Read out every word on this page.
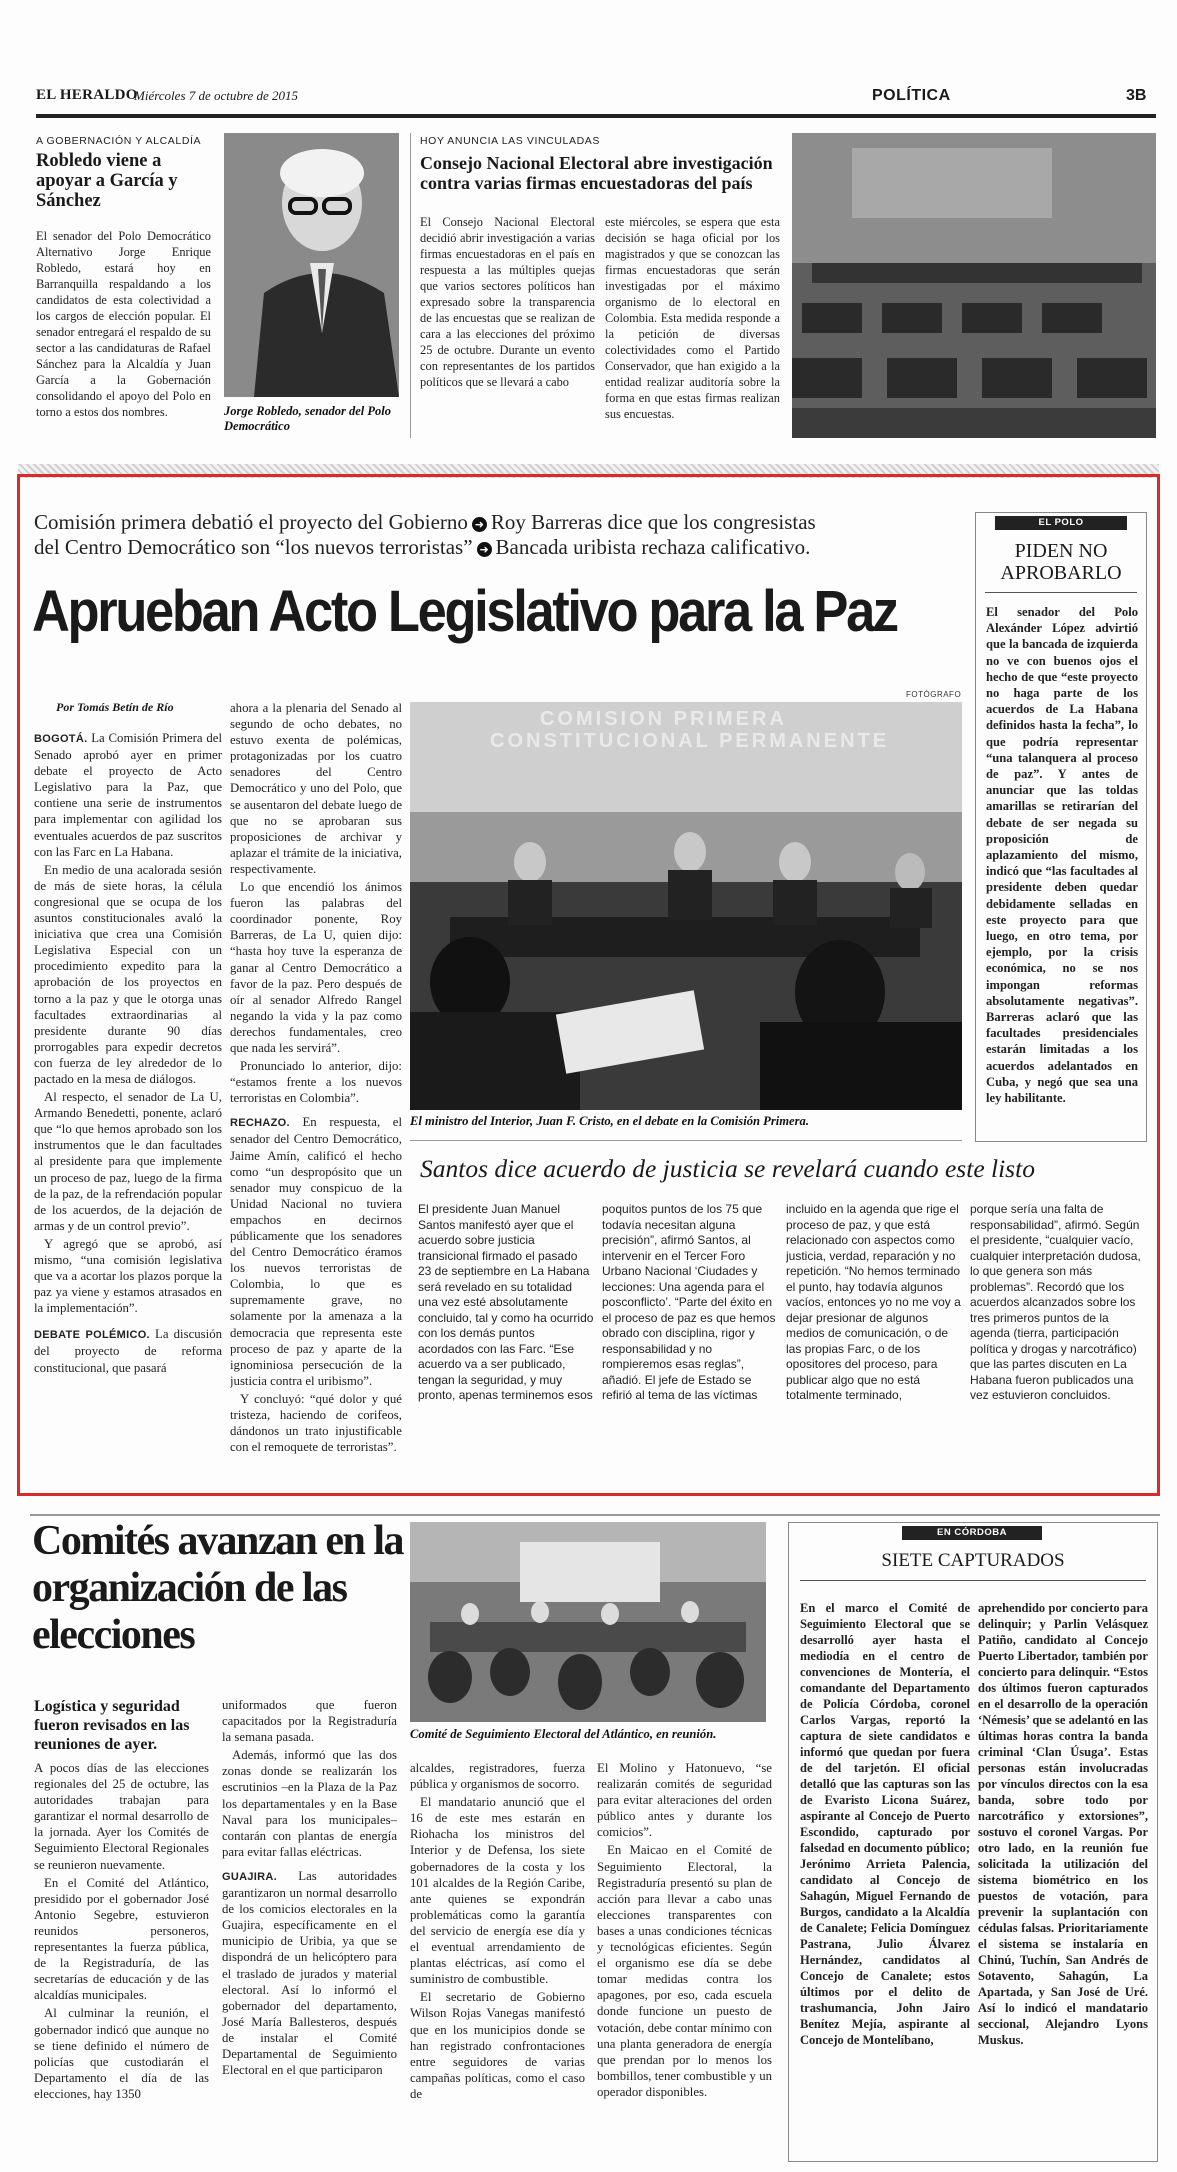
EL HERALDO
Miércoles 7 de octubre de 2015	POLÍTICA	3B
A GOBERNACIÓN Y ALCALDÍA
Robledo viene a apoyar a García y Sánchez
El senador del Polo Democrático Alternativo Jorge Enrique Robledo, estará hoy en Barranquilla respaldando a los candidatos de esta colectividad a los cargos de elección popular. El senador entregará el respaldo de su sector a las candidaturas de Rafael Sánchez para la Alcaldía y Juan García a la Gobernación consolidando el apoyo del Polo en torno a estos dos nombres.	Jorge Robledo, senador del Polo Democrático
HOY ANUNCIA LAS VINCULADAS
Consejo Nacional Electoral abre investigación contra varias firmas encuestadoras del país
El Consejo Nacional Electoral decidió abrir investigación a varias firmas encuestadoras en el país en respuesta a las múltiples quejas que varios sectores políticos han expresado sobre la transparencia de las encuestas que se realizan de cara a las elecciones del próximo 25 de octubre. Durante un evento con representantes de los partidos políticos que se llevará a cabo
este miércoles, se espera que esta decisión se haga oficial por los magistrados y que se conozcan las firmas encuestadoras que serán investigadas por el máximo organismo de lo electoral en Colombia. Esta medida responde a la petición de diversas colectividades como el Partido Conservador, que han exigido a la entidad realizar auditoría sobre la forma en que estas firmas realizan sus encuestas.
Comisión primera debatió el proyecto del Gobierno ➜ Roy Barreras dice que los congresistas
del Centro Democrático son “los nuevos terroristas” ➜ Bancada uribista rechaza calificativo.
Aprueban Acto Legislativo para la Paz
Por Tomás Betín de Río

BOGOTÁ. La Comisión Primera del Senado aprobó ayer en primer debate el proyecto de Acto Legislativo para la Paz, que contiene una serie de instrumentos para implementar con agilidad los eventuales acuerdos de paz suscritos con las Farc en La Habana.

En medio de una acalorada sesión de más de siete horas, la célula congresional que se ocupa de los asuntos constitucionales avaló la iniciativa que crea una Comisión Legislativa Especial con un procedimiento expedito para la aprobación de los proyectos en torno a la paz y que le otorga unas facultades extraordinarias al presidente durante 90 días prorrogables para expedir decretos con fuerza de ley alrededor de lo pactado en la mesa de diálogos.

Al respecto, el senador de La U, Armando Benedetti, ponente, aclaró que “lo que hemos aprobado son los instrumentos que le dan facultades al presidente para que implemente un proceso de paz, luego de la firma de la paz, de la refrendación popular de los acuerdos, de la dejación de armas y de un control previo”.

Y agregó que se aprobó, así mismo, “una comisión legislativa que va a acortar los plazos porque la paz ya viene y estamos atrasados en la implementación”.

DEBATE POLÉMICO. La discusión del proyecto de reforma constitucional, que pasará

ahora a la plenaria del Senado al segundo de ocho debates, no estuvo exenta de polémicas, protagonizadas por los cuatro senadores del Centro Democrático y uno del Polo, que se ausentaron del debate luego de que no se aprobaran sus proposiciones de archivar y aplazar el trámite de la iniciativa, respectivamente.

Lo que encendió los ánimos fueron las palabras del coordinador ponente, Roy Barreras, de La U, quien dijo: “hasta hoy tuve la esperanza de ganar al Centro Democrático a favor de la paz. Pero después de oír al senador Alfredo Rangel negando la vida y la paz como derechos fundamentales, creo que nada les servirá”.

Pronunciado lo anterior, dijo: “estamos frente a los nuevos terroristas en Colombia”.

RECHAZO. En respuesta, el senador del Centro Democrático, Jaime Amín, calificó el hecho como “un despropósito que un senador muy conspicuo de la Unidad Nacional no tuviera empachos en decirnos públicamente que los senadores del Centro Democrático éramos los nuevos terroristas de Colombia, lo que es supremamente grave, no solamente por la amenaza a la democracia que representa este proceso de paz y aparte de la ignominiosa persecución de la justicia contra el uribismo”.

Y concluyó: “qué dolor y qué tristeza, haciendo de corifeos, dándonos un trato injustificable con el remoquete de terroristas”.

FOTÓGRAFO
COMISION PRIMERA
CONSTITUCIONAL PERMANENTE
El ministro del Interior, Juan F. Cristo, en el debate en la Comisión Primera.
Santos dice acuerdo de justicia se revelará cuando este listo
El presidente Juan Manuel Santos manifestó ayer que el acuerdo sobre justicia transicional firmado el pasado 23 de septiembre en La Habana será revelado en su totalidad una vez esté absolutamente concluido, tal y como ha ocurrido con los demás puntos acordados con las Farc. “Ese acuerdo va a ser publicado, tengan la seguridad, y muy pronto, apenas terminemos esos
poquitos puntos de los 75 que todavía necesitan alguna precisión”, afirmó Santos, al intervenir en el Tercer Foro Urbano Nacional ‘Ciudades y lecciones: Una agenda para el posconflicto’. “Parte del éxito en el proceso de paz es que hemos obrado con disciplina, rigor y responsabilidad y no rompieremos esas reglas”, añadió. El jefe de Estado se refirió al tema de las víctimas
incluido en la agenda que rige el proceso de paz, y que está relacionado con aspectos como justicia, verdad, reparación y no repetición. “No hemos terminado el punto, hay todavía algunos vacíos, entonces yo no me voy a dejar presionar de algunos medios de comunicación, o de las propias Farc, o de los opositores del proceso, para publicar algo que no está totalmente terminado,
porque sería una falta de responsabilidad”, afirmó. Según el presidente, “cualquier vacío, cualquier interpretación dudosa, lo que genera son más problemas”. Recordó que los acuerdos alcanzados sobre los tres primeros puntos de la agenda (tierra, participación política y drogas y narcotráfico) que las partes discuten en La Habana fueron publicados una vez estuvieron concluidos.
EL POLO
PIDEN NO APROBARLO
El senador del Polo Alexánder López advirtió que la bancada de izquierda no ve con buenos ojos el hecho de que “este proyecto no haga parte de los acuerdos de La Habana definidos hasta la fecha”, lo que podría representar “una talanquera al proceso de paz”. Y antes de anunciar que las toldas amarillas se retirarían del debate de ser negada su proposición de aplazamiento del mismo, indicó que “las facultades al presidente deben quedar debidamente selladas en este proyecto para que luego, en otro tema, por ejemplo, por la crisis económica, no se nos impongan reformas absolutamente negativas”. Barreras aclaró que las facultades presidenciales estarán limitadas a los acuerdos adelantados en Cuba, y negó que sea una ley habilitante.
Comités avanzan en la organización de las elecciones
Logística y seguridad fueron revisados en las reuniones de ayer.

A pocos días de las elecciones regionales del 25 de octubre, las autoridades trabajan para garantizar el normal desarrollo de la jornada. Ayer los Comités de Seguimiento Electoral Regionales se reunieron nuevamente.

En el Comité del Atlántico, presidido por el gobernador José Antonio Segebre, estuvieron reunidos personeros, representantes la fuerza pública, de la Registraduría, de las secretarías de educación y de las alcaldías municipales.

Al culminar la reunión, el gobernador indicó que aunque no se tiene definido el número de policías que custodiarán el Departamento el día de las elecciones, hay 1350

uniformados que fueron capacitados por la Registraduría la semana pasada.

Además, informó que las dos zonas donde se realizarán los escrutinios –en la Plaza de la Paz los departamentales y en la Base Naval para los municipales– contarán con plantas de energía para evitar fallas eléctricas.

GUAJIRA. Las autoridades garantizaron un normal desarrollo de los comicios electorales en la Guajira, específicamente en el municipio de Uribia, ya que se dispondrá de un helicóptero para el traslado de jurados y material electoral. Así lo informó el gobernador del departamento, José María Ballesteros, después de instalar el Comité Departamental de Seguimiento Electoral en el que participaron

Comité de Seguimiento Electoral del Atlántico, en reunión.

alcaldes, registradores, fuerza pública y organismos de socorro.

El mandatario anunció que el 16 de este mes estarán en Riohacha los ministros del Interior y de Defensa, los siete gobernadores de la costa y los 101 alcaldes de la Región Caribe, ante quienes se expondrán problemáticas como la garantía del servicio de energía ese día y el eventual arrendamiento de plantas eléctricas, así como el suministro de combustible.

El secretario de Gobierno Wilson Rojas Vanegas manifestó que en los municipios donde se han registrado confrontaciones entre seguidores de varias campañas políticas, como el caso de

El Molino y Hatonuevo, “se realizarán comités de seguridad para evitar alteraciones del orden público antes y durante los comicios”.

En Maicao en el Comité de Seguimiento Electoral, la Registraduría presentó su plan de acción para llevar a cabo unas elecciones transparentes con bases a unas condiciones técnicas y tecnológicas eficientes. Según el organismo ese día se debe tomar medidas contra los apagones, por eso, cada escuela donde funcione un puesto de votación, debe contar mínimo con una planta generadora de energía que prendan por lo menos los bombillos, tener combustible y un operador disponibles.

EN CÓRDOBA
SIETE CAPTURADOS
En el marco el Comité de Seguimiento Electoral que se desarrolló ayer hasta el mediodía en el centro de convenciones de Montería, el comandante del Departamento de Policía Córdoba, coronel Carlos Vargas, reportó la captura de siete candidatos e informó que quedan por fuera de del tarjetón. El oficial detalló que las capturas son las de Evaristo Licona Suárez, aspirante al Concejo de Puerto Escondido, capturado por falsedad en documento público; Jerónimo Arrieta Palencia, candidato al Concejo de Sahagún, Miguel Fernando de Burgos, candidato a la Alcaldía de Canalete; Felicia Domínguez Pastrana, Julio Álvarez Hernández, candidatos al Concejo de Canalete; estos últimos por el delito de trashumancia, John Jairo Benítez Mejía, aspirante al Concejo de Montelíbano,
aprehendido por concierto para delinquir; y Parlin Velásquez Patiño, candidato al Concejo Puerto Libertador, también por concierto para delinquir. “Estos dos últimos fueron capturados en el desarrollo de la operación ‘Némesis’ que se adelantó en las últimas horas contra la banda criminal ‘Clan Úsuga’. Estas personas están involucradas por vínculos directos con la esa banda, sobre todo por narcotráfico y extorsiones”, sostuvo el coronel Vargas. Por otro lado, en la reunión fue solicitada la utilización del sistema biométrico en los puestos de votación, para prevenir la suplantación con cédulas falsas. Prioritariamente el sistema se instalaría en Chinú, Tuchín, San Andrés de Sotavento, Sahagún, La Apartada, y San José de Uré. Así lo indicó el mandatario seccional, Alejandro Lyons Muskus.
